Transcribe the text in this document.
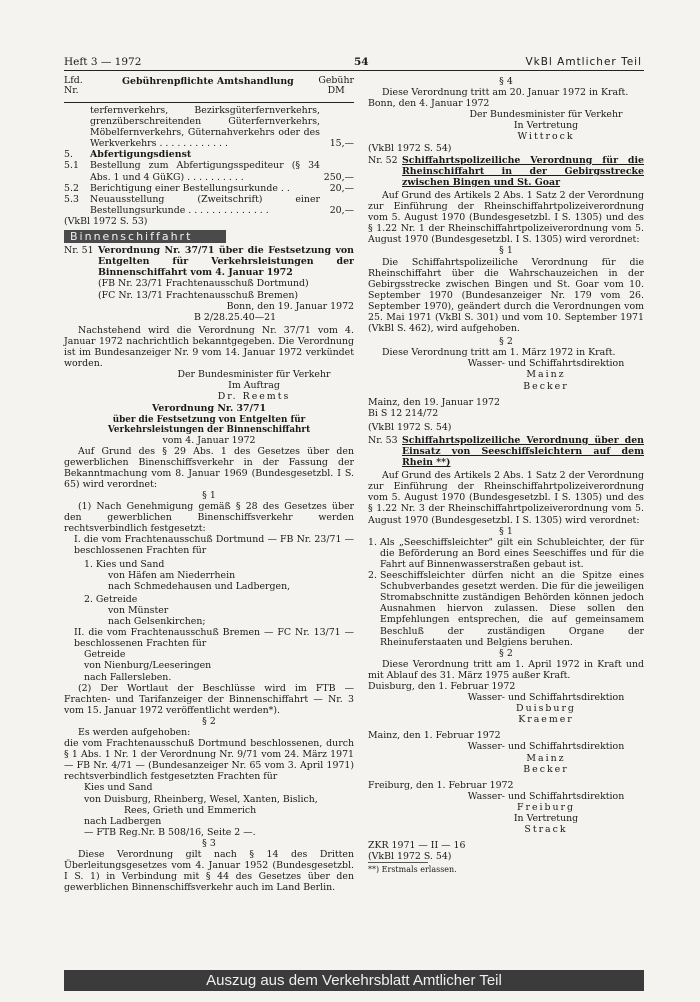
Heft 3 — 1972	54	VkBl Amtlicher Teil
Lfd.
Nr.
Gebührenpflichte Amtshandlung	Gebühr
DM
terfernverkehrs, Bezirksgüterfernverkehrs, grenzüberschreitenden Güterfernverkehrs, Möbelfernverkehrs, Güternahverkehrs oder des Werkverkehrs . . . . . . . . . . . .	15,—
5.	Abfertigungsdienst
5.1	Bestellung zum Abfertigungsspediteur (§ 34 Abs. 1 und 4 GüKG) . . . . . . . . . .	250,—
5.2	Berichtigung einer Bestellungsurkunde . .	20,—
5.3	Neuausstellung (Zweitschrift) einer Bestellungsurkunde . . . . . . . . . . . . . .	20,—

(VkBl 1972 S. 53)

Binnenschiffahrt
Nr. 51 Verordnung Nr. 37/71 über die Festsetzung von Entgelten für Verkehrsleistungen der Binnenschiffahrt vom 4. Januar 1972
(FB Nr. 23/71 Frachtenausschuß Dortmund)
(FC Nr. 13/71 Frachtenausschuß Bremen)
Bonn, den 19. Januar 1972
B 2/28.25.40—21

Nachstehend wird die Verordnung Nr. 37/71 vom 4. Januar 1972 nachrichtlich bekanntgegeben. Die Verordnung ist im Bundesanzeiger Nr. 9 vom 14. Januar 1972 verkündet worden.

Der Bundesminister für Verkehr

Im Auftrag

Dr. Reemts

Verordnung Nr. 37/71

über die Festsetzung von Entgelten für Verkehrsleistungen der Binnenschiffahrt

vom 4. Januar 1972

Auf Grund des § 29 Abs. 1 des Gesetzes über den gewerblichen Binenschiffsverkehr in der Fassung der Bekanntmachung vom 8. Januar 1969 (Bundesgesetzbl. I S. 65) wird verordnet:

§ 1

(1) Nach Genehmigung gemäß § 28 des Gesetzes über den gewerblichen Binenschiffsverkehr werden rechtsverbindlich festgesetzt:

I. die vom Frachtenausschuß Dortmund — FB Nr. 23/71 — beschlossenen Frachten für

1. Kies und Sand

von Häfen am Niederrhein

nach Schmedehausen und Ladbergen,

2. Getreide

von Münster

nach Gelsenkirchen;

II. die vom Frachtenausschuß Bremen — FC Nr. 13/71 — beschlossenen Frachten für

Getreide

von Nienburg/Leeseringen

nach Fallersleben.

(2) Der Wortlaut der Beschlüsse wird im FTB — Frachten- und Tarifanzeiger der Binnenschiffahrt — Nr. 3 vom 15. Januar 1972 veröffentlicht werden*).

§ 2

Es werden aufgehoben:

die vom Frachtenausschuß Dortmund beschlossenen, durch § 1 Abs. 1 Nr. 1 der Verordnung Nr. 9/71 vom 24. März 1971 — FB Nr. 4/71 — (Bundesanzeiger Nr. 65 vom 3. April 1971) rechtsverbindlich festgesetzten Frachten für

Kies und Sand

von Duisburg, Rheinberg, Wesel, Xanten, Bislich,

Rees, Grieth und Emmerich

nach Ladbergen

— FTB Reg.Nr. B 508/16, Seite 2 —.

§ 3

Diese Verordnung gilt nach § 14 des Dritten Überleitungsgesetzes vom 4. Januar 1952 (Bundesgesetzbl. I S. 1) in Verbindung mit § 44 des Gesetzes über den gewerblichen Binnenschiffsverkehr auch im Land Berlin.

§ 4

Diese Verordnung tritt am 20. Januar 1972 in Kraft.

Bonn, den 4. Januar 1972

Der Bundesminister für Verkehr

In Vertretung

Wittrock

(VkBl 1972 S. 54)

Nr. 52 Schiffahrtspolizeiliche Verordnung für die Rheinschiffahrt in der Gebirgsstrecke zwischen Bingen und St. Goar

Auf Grund des Artikels 2 Abs. 1 Satz 2 der Verordnung zur Einführung der Rheinschiffahrtpolizeiverordnung vom 5. August 1970 (Bundesgesetzbl. I S. 1305) und des § 1.22 Nr. 1 der Rheinschiffahrtpolizeiverordnung vom 5. August 1970 (Bundesgesetzbl. I S. 1305) wird verordnet:

§ 1

Die Schiffahrtspolizeiliche Verordnung für die Rheinschiffahrt über die Wahrschauzeichen in der Gebirgsstrecke zwischen Bingen und St. Goar vom 10. September 1970 (Bundesanzeiger Nr. 179 vom 26. September 1970), geändert durch die Verordnungen vom 25. Mai 1971 (VkBl S. 301) und vom 10. September 1971 (VkBl S. 462), wird aufgehoben.

§ 2

Diese Verordnung tritt am 1. März 1972 in Kraft.

Wasser- und Schiffahrtsdirektion

Mainz

Becker

Mainz, den 19. Januar 1972

Bi S 12 214/72

(VkBl 1972 S. 54)

Nr. 53 Schiffahrtspolizeiliche Verordnung über den Einsatz von Seeschiffsleichtern auf dem Rhein **)

Auf Grund des Artikels 2 Abs. 1 Satz 2 der Verordnung zur Einführung der Rheinschiffahrtpolizeiverordnung vom 5. August 1970 (Bundesgesetzbl. I S. 1305) und des § 1.22 Nr. 3 der Rheinschiffahrtpolizeiverordnung vom 5. August 1970 (Bundesgesetzbl. I S. 1305) wird verordnet:

§ 1

1. Als „Seeschiffsleichter" gilt ein Schubleichter, der für die Beförderung an Bord eines Seeschiffes und für die Fahrt auf Binnenwasserstraßen gebaut ist.
2. Seeschiffsleichter dürfen nicht an die Spitze eines Schubverbandes gesetzt werden. Die für die jeweiligen Stromabschnitte zuständigen Behörden können jedoch Ausnahmen hiervon zulassen. Diese sollen den Empfehlungen entsprechen, die auf gemeinsamem Beschluß der zuständigen Organe der Rheinuferstaaten und Belgiens beruhen.

§ 2

Diese Verordnung tritt am 1. April 1972 in Kraft und mit Ablauf des 31. März 1975 außer Kraft.

Duisburg, den 1. Februar 1972

Wasser- und Schiffahrtsdirektion

Duisburg

Kraemer

Mainz, den 1. Februar 1972

Wasser- und Schiffahrtsdirektion

Mainz

Becker

Freiburg, den 1. Februar 1972

Wasser- und Schiffahrtsdirektion

Freiburg

In Vertretung

Strack

ZKR 1971 — II — 16

(VkBl 1972 S. 54)

**) Erstmals erlassen.

Auszug aus dem Verkehrsblatt Amtlicher Teil
